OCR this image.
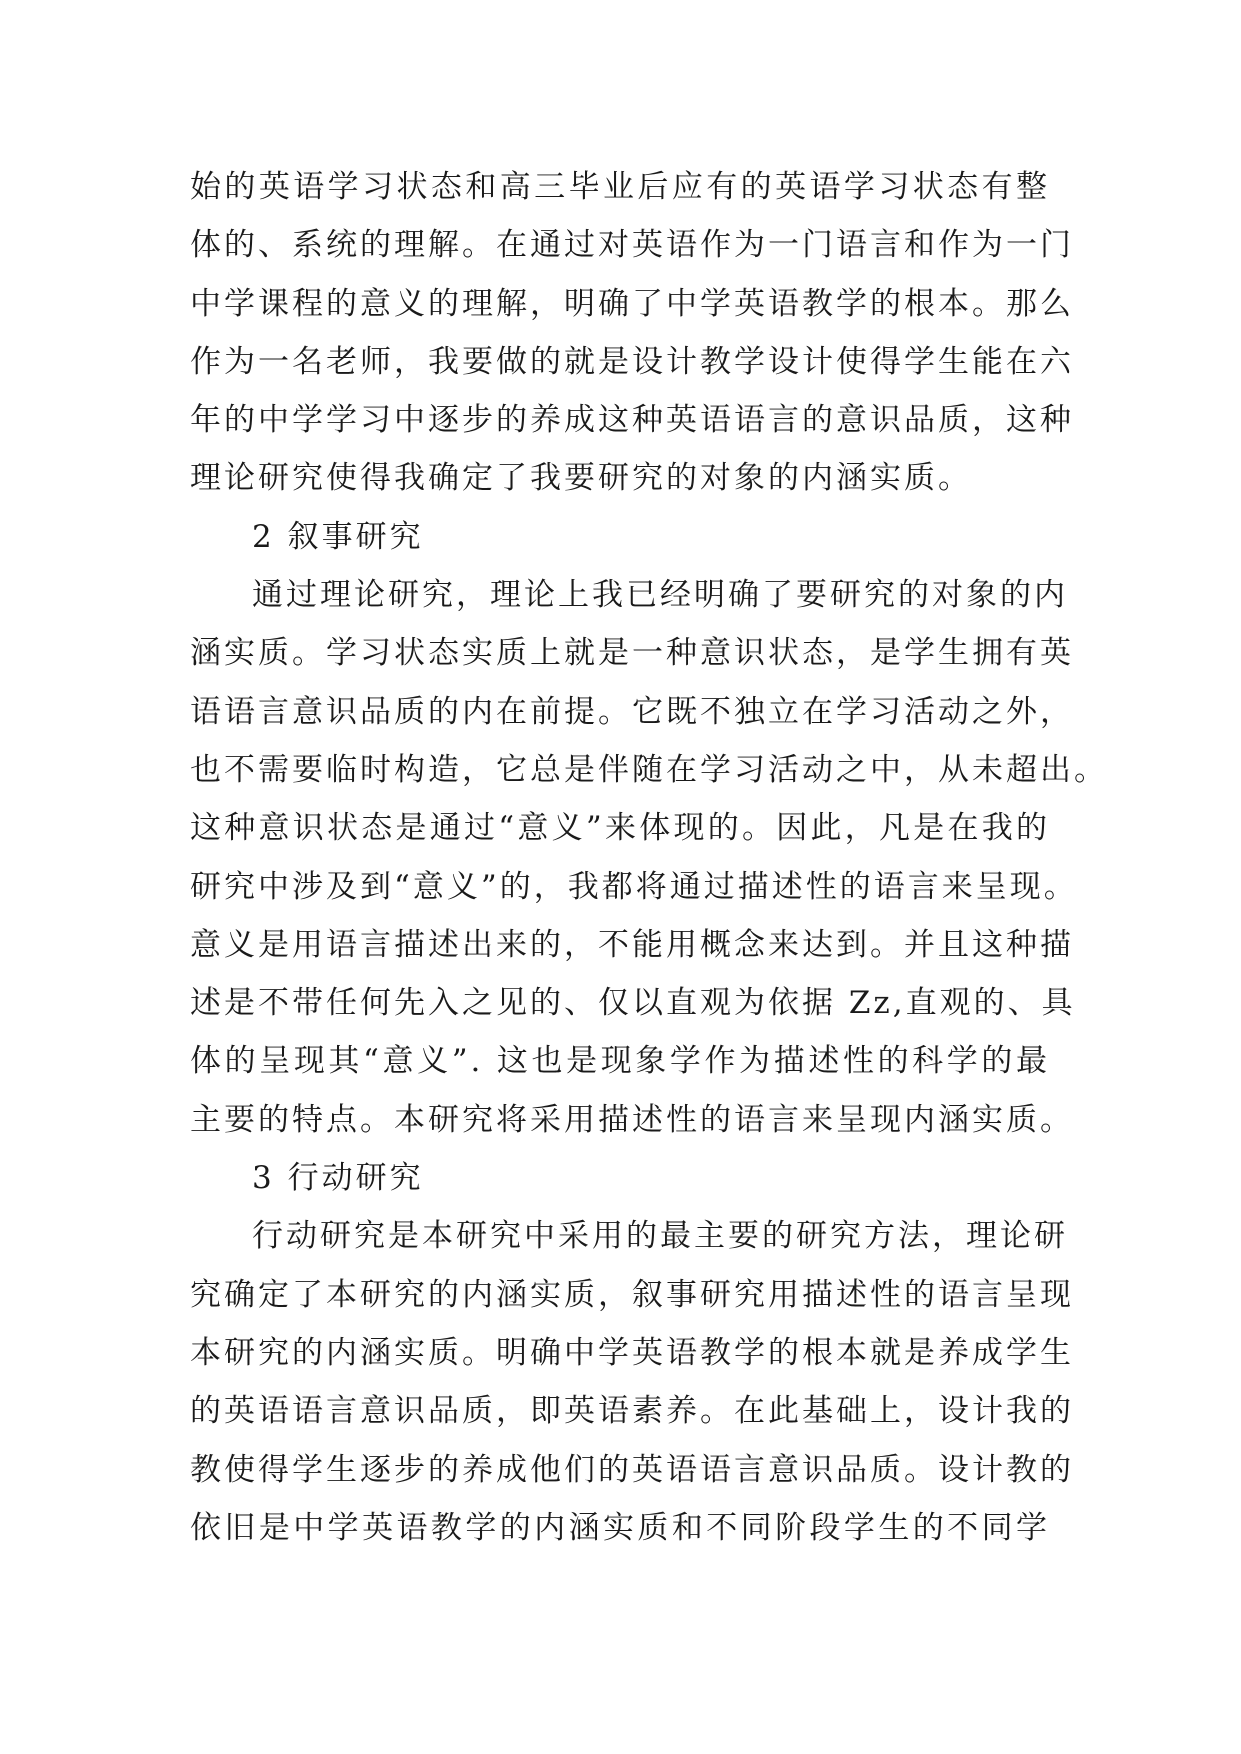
始的英语学习状态和高三毕业后应有的英语学习状态有整
体的、系统的理解。在通过对英语作为一门语言和作为一门
中学课程的意义的理解，明确了中学英语教学的根本。那么
作为一名老师，我要做的就是设计教学设计使得学生能在六
年的中学学习中逐步的养成这种英语语言的意识品质，这种
理论研究使得我确定了我要研究的对象的内涵实质。
2 叙事研究
通过理论研究，理论上我已经明确了要研究的对象的内
涵实质。学习状态实质上就是一种意识状态，是学生拥有英
语语言意识品质的内在前提。它既不独立在学习活动之外，
也不需要临时构造，它总是伴随在学习活动之中，从未超出。
这种意识状态是通过“意义”来体现的。因此，凡是在我的
研究中涉及到“意义”的，我都将通过描述性的语言来呈现。
意义是用语言描述出来的，不能用概念来达到。并且这种描
述是不带任何先入之见的、仅以直观为依据 Zz,直观的、具
体的呈现其“意义”. 这也是现象学作为描述性的科学的最
主要的特点。本研究将采用描述性的语言来呈现内涵实质。
3 行动研究
行动研究是本研究中采用的最主要的研究方法，理论研
究确定了本研究的内涵实质，叙事研究用描述性的语言呈现
本研究的内涵实质。明确中学英语教学的根本就是养成学生
的英语语言意识品质，即英语素养。在此基础上，设计我的
教使得学生逐步的养成他们的英语语言意识品质。设计教的
依旧是中学英语教学的内涵实质和不同阶段学生的不同学
